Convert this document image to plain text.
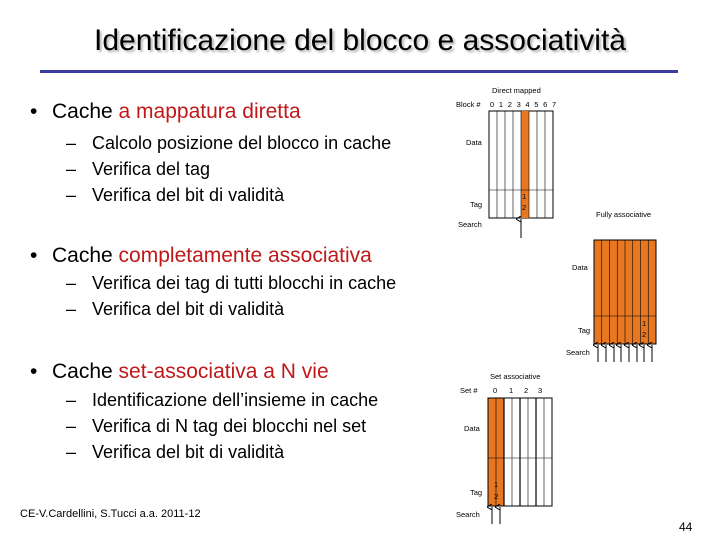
Identificazione del blocco e associatività
• Cache a mappatura diretta
– Calcolo posizione del blocco in cache
– Verifica del tag
– Verifica del bit di validità
• Cache completamente associativa
– Verifica dei tag di tutti blocchi in cache
– Verifica del bit di validità
• Cache set-associativa a N vie
– Identificazione dell’insieme in cache
– Verifica di N tag dei blocchi nel set
– Verifica del bit di validità
Direct mapped
Block # 0 1 2 3 4 5 6 7
Data
Tag
1
2
Search
Fully associative
Data
Tag
1
2
Search
Set associative
Set # 0 1 2 3
Data
Tag
1
2
Search
CE-V.Cardellini, S.Tucci a.a. 2011-12
44
